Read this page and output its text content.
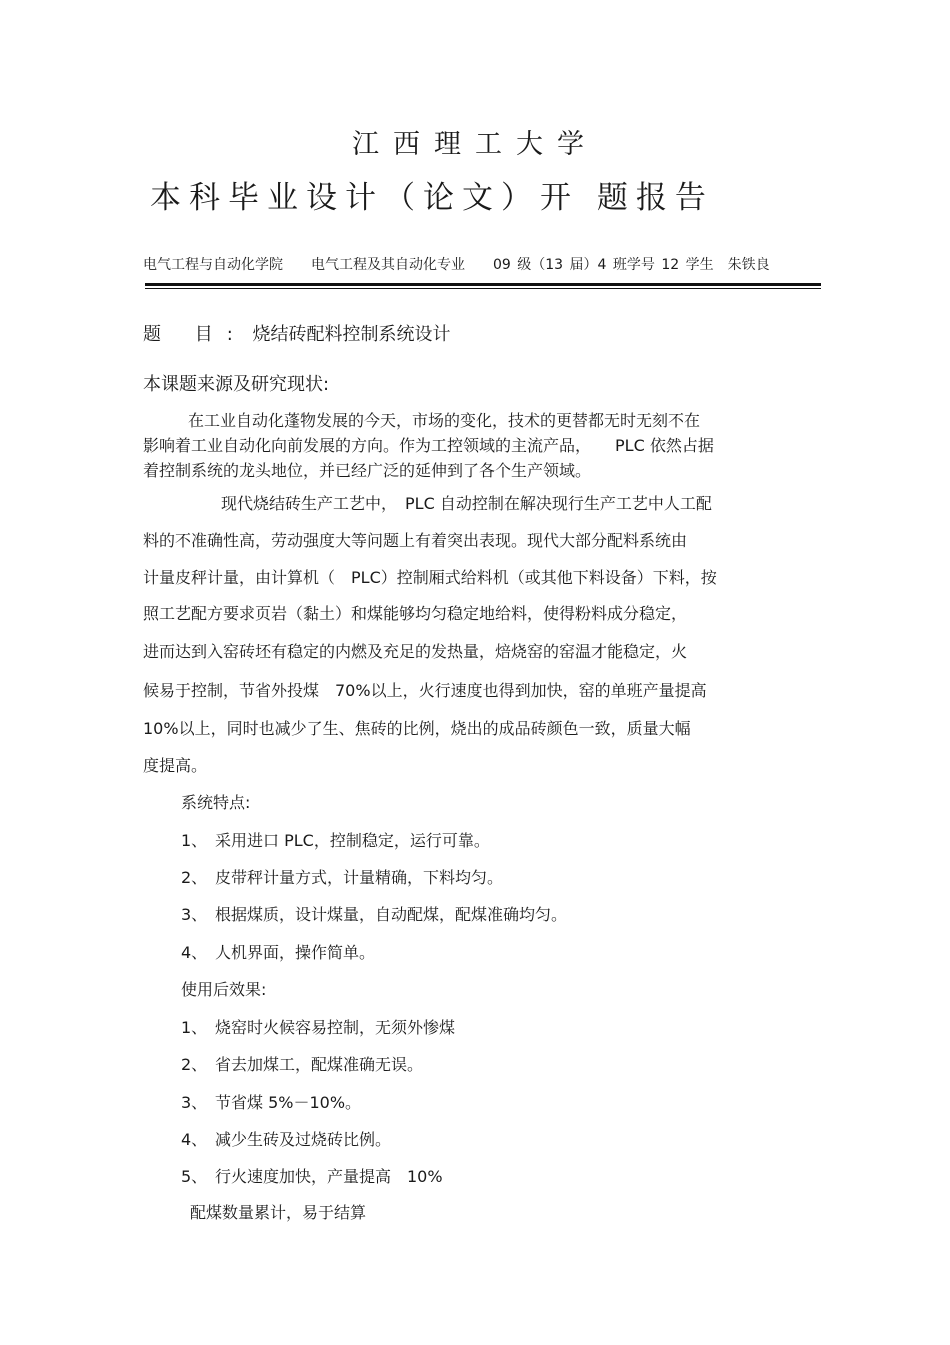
江西理工大学
本科毕业设计（论文）开 题报告
电气工程与自动化学院　　电气工程及其自动化专业　　09 级（13 届）4 班学号 12 学生　朱铁良
题 目: 烧结砖配料控制系统设计
本课题来源及研究现状:
在工业自动化蓬物发展的今天，市场的变化，技术的更替都无时无刻不在
影响着工业自动化向前发展的方向。作为工控领域的主流产品，　　PLC 依然占据
着控制系统的龙头地位，并已经广泛的延伸到了各个生产领域。
现代烧结砖生产工艺中，　PLC 自动控制在解决现行生产工艺中人工配
料的不准确性高，劳动强度大等问题上有着突出表现。现代大部分配料系统由
计量皮秤计量，由计算机（　PLC）控制厢式给料机（或其他下料设备）下料，按
照工艺配方要求页岩（黏土）和煤能够均匀稳定地给料，使得粉料成分稳定，
进而达到入窑砖坯有稳定的内燃及充足的发热量，焙烧窑的窑温才能稳定，火
候易于控制，节省外投煤　70%以上，火行速度也得到加快，窑的单班产量提高
10%以上，同时也减少了生、焦砖的比例，烧出的成品砖颜色一致，质量大幅
度提高。
系统特点:
1、 采用进口 PLC，控制稳定，运行可靠。
2、 皮带秤计量方式，计量精确，下料均匀。
3、 根据煤质，设计煤量，自动配煤，配煤准确均匀。
4、 人机界面，操作简单。
使用后效果:
1、 烧窑时火候容易控制，无须外惨煤
2、 省去加煤工，配煤准确无误。
3、 节省煤 5%－10%。
4、 减少生砖及过烧砖比例。
5、 行火速度加快，产量提高　10%
配煤数量累计，易于结算
